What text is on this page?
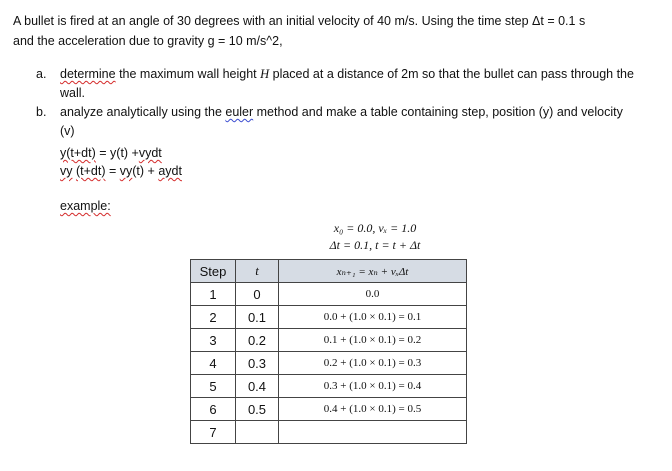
A bullet is fired at an angle of 30 degrees with an initial velocity of 40 m/s. Using the time step Δt = 0.1 s
and the acceleration due to gravity g = 10 m/s^2,
a. determine the maximum wall height H placed at a distance of 2m so that the bullet can pass through the wall.
b. analyze analytically using the euler method and make a table containing step, position (y) and velocity (v)
y(t+dt) = y(t) +vydt
vy (t+dt) = vy(t) + aydt
example:
x₀ = 0.0, vₓ = 1.0
Δt = 0.1, t = t + Δt
Step	t	xₙ₊₁ = xₙ + vₓΔt
1	0	0.0
2	0.1	0.0 + (1.0 × 0.1) = 0.1
3	0.2	0.1 + (1.0 × 0.1) = 0.2
4	0.3	0.2 + (1.0 × 0.1) = 0.3
5	0.4	0.3 + (1.0 × 0.1) = 0.4
6	0.5	0.4 + (1.0 × 0.1) = 0.5
7		
